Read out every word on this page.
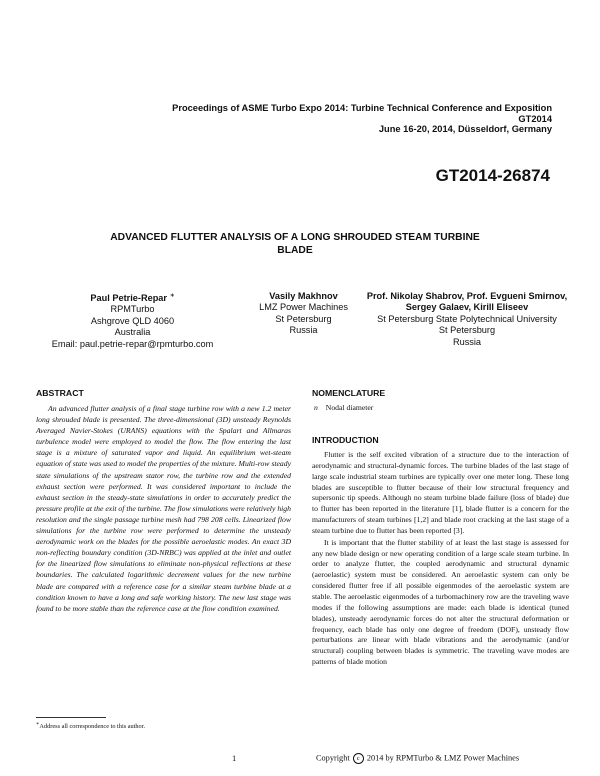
Proceedings of ASME Turbo Expo 2014: Turbine Technical Conference and Exposition
GT2014
June 16-20, 2014, Düsseldorf, Germany
GT2014-26874
ADVANCED FLUTTER ANALYSIS OF A LONG SHROUDED STEAM TURBINE
BLADE
Paul Petrie-Repar ∗
RPMTurbo
Ashgrove QLD 4060
Australia
Email: paul.petrie-repar@rpmturbo.com
Vasily Makhnov
LMZ Power Machines
St Petersburg
Russia
Prof. Nikolay Shabrov, Prof. Evgueni Smirnov,
Sergey Galaev, Kirill Eliseev
St Petersburg State Polytechnical University
St Petersburg
Russia
ABSTRACT

An advanced flutter analysis of a final stage turbine row with a new 1.2 meter long shrouded blade is presented. The three-dimensional (3D) unsteady Reynolds Averaged Navier-Stokes (URANS) equations with the Spalart and Allmaras turbulence model were employed to model the flow. The flow entering the last stage is a mixture of saturated vapor and liquid. An equilibrium wet-steam equation of state was used to model the properties of the mixture. Multi-row steady state simulations of the upstream stator row, the turbine row and the extended exhaust section were performed. It was considered important to include the exhaust section in the steady-state simulations in order to accurately predict the pressure profile at the exit of the turbine. The flow simulations were relatively high resolution and the single passage turbine mesh had 798 208 cells. Linearized flow simulations for the turbine row were performed to determine the unsteady aerodynamic work on the blades for the possible aeroelastic modes. An exact 3D non-reflecting boundary condition (3D-NRBC) was applied at the inlet and outlet for the linearized flow simulations to eliminate non-physical reflections at these boundaries. The calculated logarithmic decrement values for the new turbine blade are compared with a reference case for a similar steam turbine blade at a condition known to have a long and safe working history. The new last stage was found to be more stable than the reference case at the flow condition examined.

NOMENCLATURE
n Nodal diameter
INTRODUCTION

Flutter is the self excited vibration of a structure due to the interaction of aerodynamic and structural-dynamic forces. The turbine blades of the last stage of large scale industrial steam turbines are typically over one meter long. These long blades are susceptible to flutter because of their low structural frequency and supersonic tip speeds. Although no steam turbine blade failure (loss of blade) due to flutter has been reported in the literature [1], blade flutter is a concern for the manufacturers of steam turbines [1,2] and blade root cracking at the last stage of a steam turbine due to flutter has been reported [3].

It is important that the flutter stability of at least the last stage is assessed for any new blade design or new operating condition of a large scale steam turbine. In order to analyze flutter, the coupled aerodynamic and structural dynamic (aeroelastic) system must be considered. An aeroelastic system can only be considered flutter free if all possible eigenmodes of the aeroelastic system are stable. The aeroelastic eigenmodes of a turbomachinery row are the traveling wave modes if the following assumptions are made: each blade is identical (tuned blades), unsteady aerodynamic forces do not alter the structural deformation or frequency, each blade has only one degree of freedom (DOF), unsteady flow perturbations are linear with blade vibrations and the aerodynamic (and/or structural) coupling between blades is symmetric. The traveling wave modes are patterns of blade motion

∗Address all correspondence to this author.
1	Copyright c 2014 by RPMTurbo & LMZ Power Machines
